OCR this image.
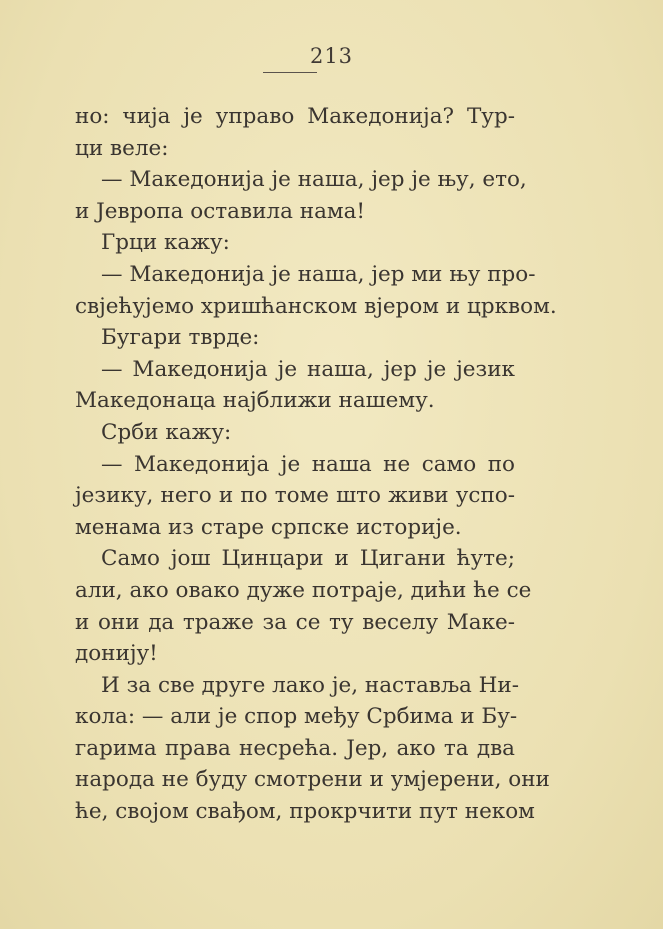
213
но: чија је управо Македонија? Тур-
ци веле:
— Македонија је наша, јер је њу, ето,
и Јевропа оставила нама!
Грци кажу:
— Македонија је наша, јер ми њу про-
свјећујемо хришћанском вјером и црквом.
Бугари тврде:
— Македонија је наша, јер је језик
Македонаца најближи нашему.
Срби кажу:
— Македонија је наша не само по
језику, него и по томе што живи успо-
менама из старе српске историје.
Само још Цинцари и Цигани ћуте;
али, ако овако дуже потраје, дићи ће се
и они да траже за се ту веселу Маке-
донију!
И за све друге лако је, наставља Ни-
кола: — али је спор међу Србима и Бу-
гарима права несрећа. Јер, ако та два
народа не буду смотрени и умјерени, они
ће, својом свађом, прокрчити пут неком
